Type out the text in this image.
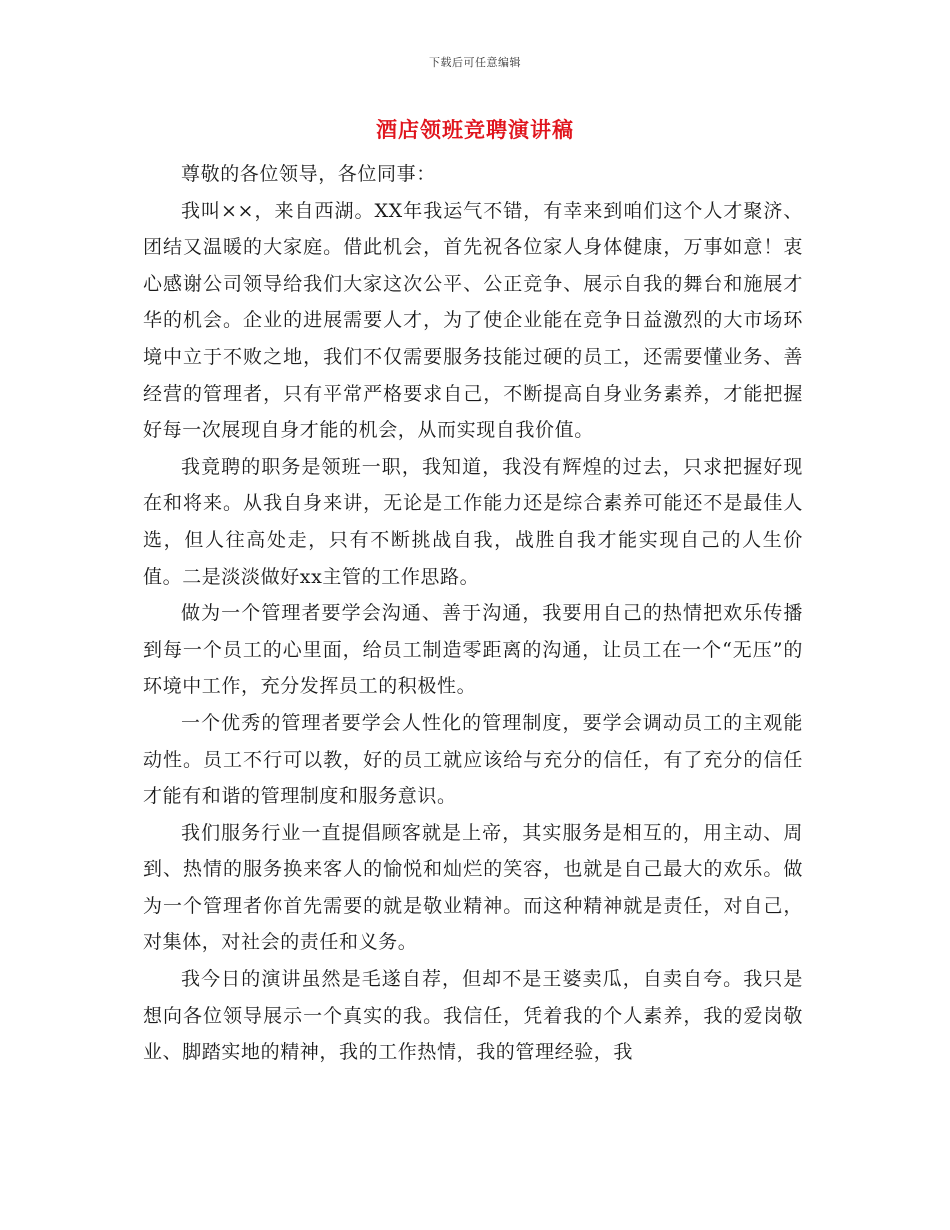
下载后可任意编辑
酒店领班竞聘演讲稿

尊敬的各位领导，各位同事：

我叫××，来自西湖。XX年我运气不错，有幸来到咱们这个人才聚济、团结又温暖的大家庭。借此机会，首先祝各位家人身体健康，万事如意！衷心感谢公司领导给我们大家这次公平、公正竞争、展示自我的舞台和施展才华的机会。企业的进展需要人才，为了使企业能在竞争日益激烈的大市场环境中立于不败之地，我们不仅需要服务技能过硬的员工，还需要懂业务、善经营的管理者，只有平常严格要求自己，不断提高自身业务素养，才能把握好每一次展现自身才能的机会，从而实现自我价值。

我竟聘的职务是领班一职，我知道，我没有辉煌的过去，只求把握好现在和将来。从我自身来讲，无论是工作能力还是综合素养可能还不是最佳人选，但人往高处走，只有不断挑战自我，战胜自我才能实现自己的人生价值。二是淡淡做好xx主管的工作思路。

做为一个管理者要学会沟通、善于沟通，我要用自己的热情把欢乐传播到每一个员工的心里面，给员工制造零距离的沟通，让员工在一个“无压”的环境中工作，充分发挥员工的积极性。

一个优秀的管理者要学会人性化的管理制度，要学会调动员工的主观能动性。员工不行可以教，好的员工就应该给与充分的信任，有了充分的信任才能有和谐的管理制度和服务意识。

我们服务行业一直提倡顾客就是上帝，其实服务是相互的，用主动、周到、热情的服务换来客人的愉悦和灿烂的笑容，也就是自己最大的欢乐。做为一个管理者你首先需要的就是敬业精神。而这种精神就是责任，对自己，对集体，对社会的责任和义务。

我今日的演讲虽然是毛遂自荐，但却不是王婆卖瓜，自卖自夸。我只是想向各位领导展示一个真实的我。我信任，凭着我的个人素养，我的爱岗敬业、脚踏实地的精神，我的工作热情，我的管理经验，我
